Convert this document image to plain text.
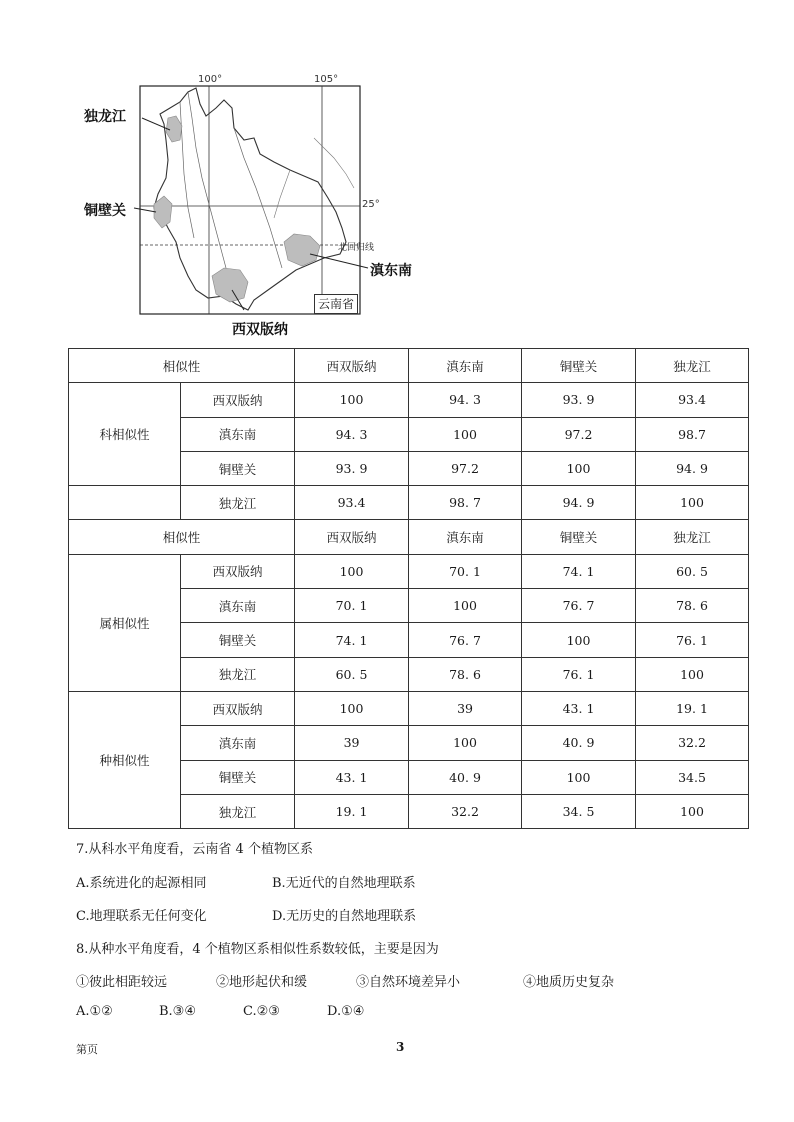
100°	105°
25°
北回归线
云南省
独龙江
铜壁关
滇东南
西双版纳
相似性		西双版纳	滇东南	铜壁关	独龙江
科相似性	西双版纳	100	94. 3	93. 9	93.4
	滇东南	94. 3	100	97.2	98.7
	铜壁关	93. 9	97.2	100	94. 9
	独龙江	93.4	98. 7	94. 9	100
相似性		西双版纳	滇东南	铜壁关	独龙江
属相似性	西双版纳	100	70. 1	74. 1	60. 5
	滇东南	70. 1	100	76. 7	78. 6
	铜壁关	74. 1	76. 7	100	76. 1
	独龙江	60. 5	78. 6	76. 1	100
种相似性	西双版纳	100	39	43. 1	19. 1
	滇东南	39	100	40. 9	32.2
	铜壁关	43. 1	40. 9	100	34.5
	独龙江	19. 1	32.2	34. 5	100
7.从科水平角度看，云南省 4 个植物区系
A.系统进化的起源相同	B.无近代的自然地理联系
C.地理联系无任何变化	D.无历史的自然地理联系
8.从种水平角度看，4 个植物区系相似性系数较低，主要是因为
①彼此相距较远	②地形起伏和缓	③自然环境差异小	④地质历史复杂
A.①②	B.③④	C.②③	D.①④
第页	3
